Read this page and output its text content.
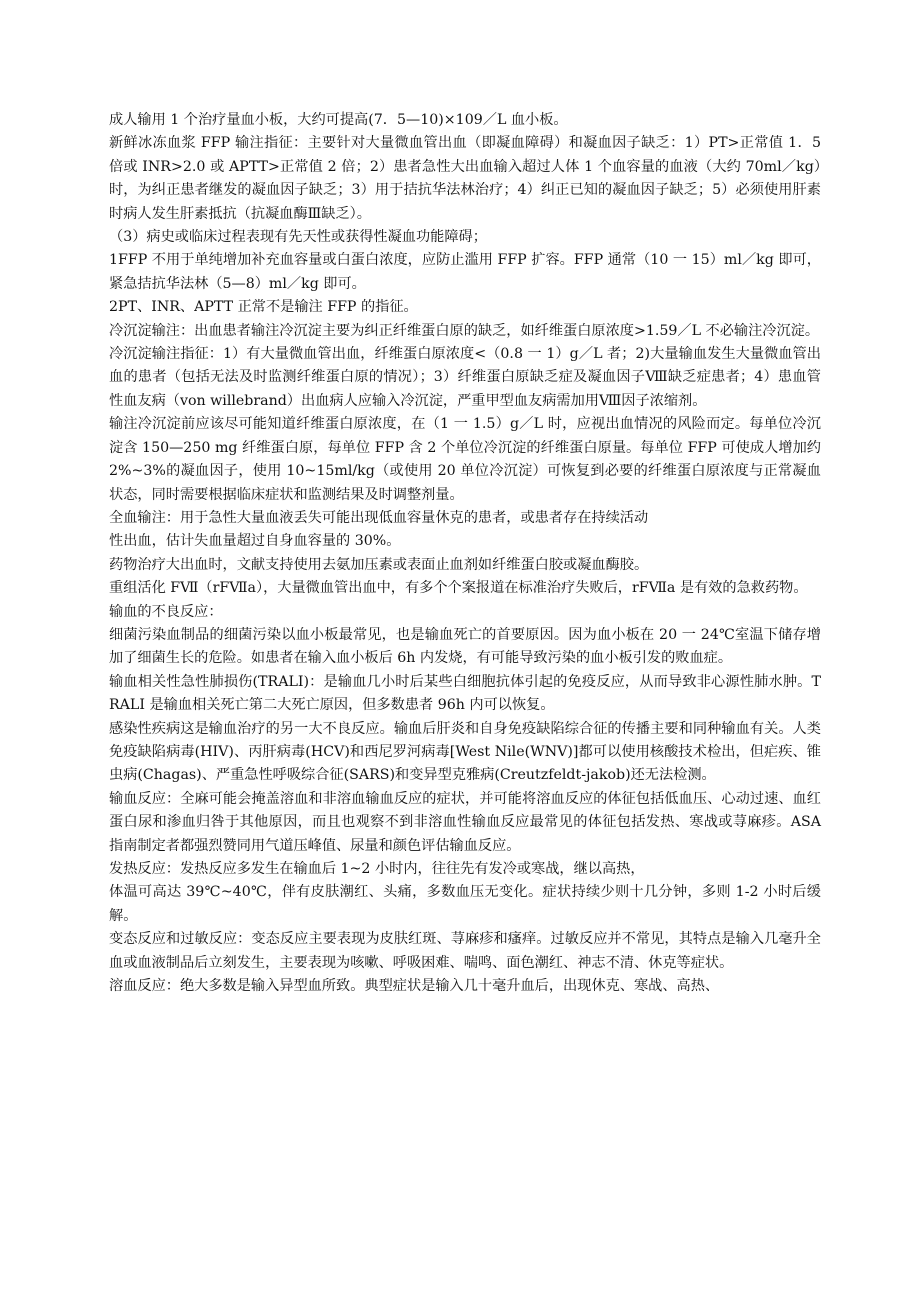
成人输用 1 个治疗量血小板，大约可提高(7．5—10)×109／L 血小板。

新鲜冰冻血浆 FFP 输注指征：主要针对大量微血管出血（即凝血障碍）和凝血因子缺乏：1）PT>正常值 1．5 倍或 INR>2.0 或 APTT>正常值 2 倍；2）患者急性大出血输入超过人体 1 个血容量的血液（大约 70ml／kg）时，为纠正患者继发的凝血因子缺乏；3）用于拮抗华法林治疗；4）纠正已知的凝血因子缺乏；5）必须使用肝素时病人发生肝素抵抗（抗凝血酶Ⅲ缺乏）。

（3）病史或临床过程表现有先天性或获得性凝血功能障碍；

1FFP 不用于单纯增加补充血容量或白蛋白浓度，应防止滥用 FFP 扩容。FFP 通常（10 一 15）ml／kg 即可，紧急拮抗华法林（5—8）ml／kg 即可。

2PT、INR、APTT 正常不是输注 FFP 的指征。

冷沉淀输注：出血患者输注冷沉淀主要为纠正纤维蛋白原的缺乏，如纤维蛋白原浓度>1.59／L 不必输注冷沉淀。

冷沉淀输注指征：1）有大量微血管出血，纤维蛋白原浓度<（0.8 一 1）g／L 者；2)大量输血发生大量微血管出血的患者（包括无法及时监测纤维蛋白原的情况）；3）纤维蛋白原缺乏症及凝血因子Ⅷ缺乏症患者；4）患血管性血友病（von willebrand）出血病人应输入冷沉淀，严重甲型血友病需加用Ⅷ因子浓缩剂。

输注冷沉淀前应该尽可能知道纤维蛋白原浓度，在（1 一 1.5）g／L 时，应视出血情况的风险而定。每单位冷沉淀含 150—250 mg 纤维蛋白原，每单位 FFP 含 2 个单位冷沉淀的纤维蛋白原量。每单位 FFP 可使成人增加约 2%~3%的凝血因子，使用 10~15ml/kg（或使用 20 单位冷沉淀）可恢复到必要的纤维蛋白原浓度与正常凝血状态，同时需要根据临床症状和监测结果及时调整剂量。

全血输注：用于急性大量血液丢失可能出现低血容量休克的患者，或患者存在持续活动

性出血，估计失血量超过自身血容量的 30%。

药物治疗大出血时，文献支持使用去氨加压素或表面止血剂如纤维蛋白胶或凝血酶胶。

重组活化 FⅦ（rFⅦa），大量微血管出血中，有多个个案报道在标准治疗失败后，rFⅦa 是有效的急救药物。

输血的不良反应：

细菌污染血制品的细菌污染以血小板最常见，也是输血死亡的首要原因。因为血小板在 20 一 24℃室温下储存增加了细菌生长的危险。如患者在输入血小板后 6h 内发烧，有可能导致污染的血小板引发的败血症。

输血相关性急性肺损伤(TRALI)：是输血几小时后某些白细胞抗体引起的免疫反应，从而导致非心源性肺水肿。TRALI 是输血相关死亡第二大死亡原因，但多数患者 96h 内可以恢复。

感染性疾病这是输血治疗的另一大不良反应。输血后肝炎和自身免疫缺陷综合征的传播主要和同种输血有关。人类免疫缺陷病毒(HIV)、丙肝病毒(HCV)和西尼罗河病毒[West Nile(WNV)]都可以使用核酸技术检出，但疟疾、锥虫病(Chagas)、严重急性呼吸综合征(SARS)和变异型克雅病(Creutzfeldt-jakob)还无法检测。

输血反应：全麻可能会掩盖溶血和非溶血输血反应的症状，并可能将溶血反应的体征包括低血压、心动过速、血红蛋白尿和渗血归咎于其他原因，而且也观察不到非溶血性输血反应最常见的体征包括发热、寒战或荨麻疹。ASA 指南制定者都强烈赞同用气道压峰值、尿量和颜色评估输血反应。

发热反应：发热反应多发生在输血后 1~2 小时内，往往先有发冷或寒战，继以高热，

体温可高达 39℃~40℃，伴有皮肤潮红、头痛，多数血压无变化。症状持续少则十几分钟，多则 1-2 小时后缓解。

变态反应和过敏反应：变态反应主要表现为皮肤红斑、荨麻疹和瘙痒。过敏反应并不常见，其特点是输入几毫升全血或血液制品后立刻发生，主要表现为咳嗽、呼吸困难、喘鸣、面色潮红、神志不清、休克等症状。

溶血反应：绝大多数是输入异型血所致。典型症状是输入几十毫升血后，出现休克、寒战、高热、
